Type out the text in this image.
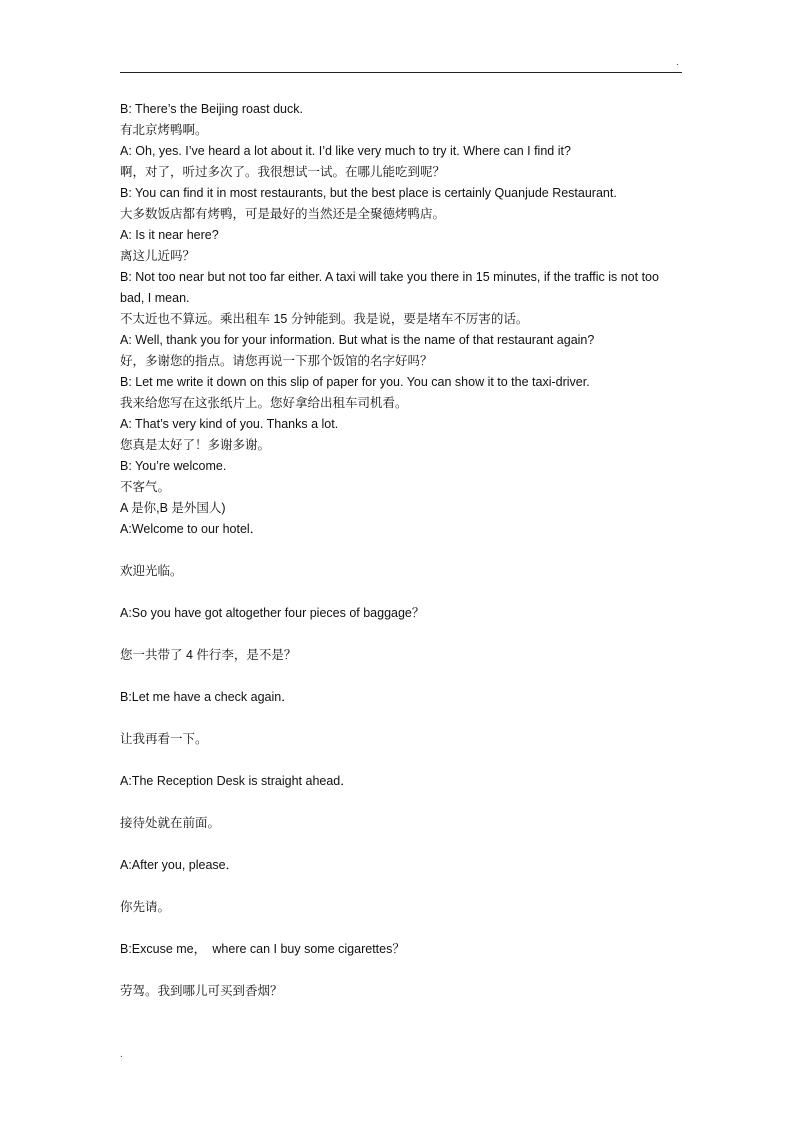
.
B: There’s the Beijing roast duck.
有北京烤鸭啊。
A: Oh, yes. I’ve heard a lot about it. I’d like very much to try it. Where can I find it?
啊，对了，听过多次了。我很想试一试。在哪儿能吃到呢？
B: You can find it in most restaurants, but the best place is certainly Quanjude Restaurant.
大多数饭店都有烤鸭，可是最好的当然还是全聚德烤鸭店。
A: Is it near here?
离这儿近吗？
B: Not too near but not too far either. A taxi will take you there in 15 minutes, if the traffic is not too bad, I mean.
不太近也不算远。乘出租车 15 分钟能到。我是说，要是堵车不厉害的话。
A: Well, thank you for your information. But what is the name of that restaurant again?
好，多谢您的指点。请您再说一下那个饭馆的名字好吗？
B: Let me write it down on this slip of paper for you. You can show it to the taxi-driver.
我来给您写在这张纸片上。您好拿给出租车司机看。
A: That’s very kind of you. Thanks a lot.
您真是太好了！多谢多谢。
B: You’re welcome.
不客气。
A 是你,B 是外国人)
A:Welcome to our hotel．
欢迎光临。
A:So you have got altogether four pieces of baggage？
您一共带了 4 件行李，是不是？
B:Let me have a check again．
让我再看一下。
A:The Reception Desk is straight ahead．
接待处就在前面。
A:After you, please．
你先请。
B:Excuse me，　where can I buy some cigarettes？
劳驾。我到哪儿可买到香烟？
.
